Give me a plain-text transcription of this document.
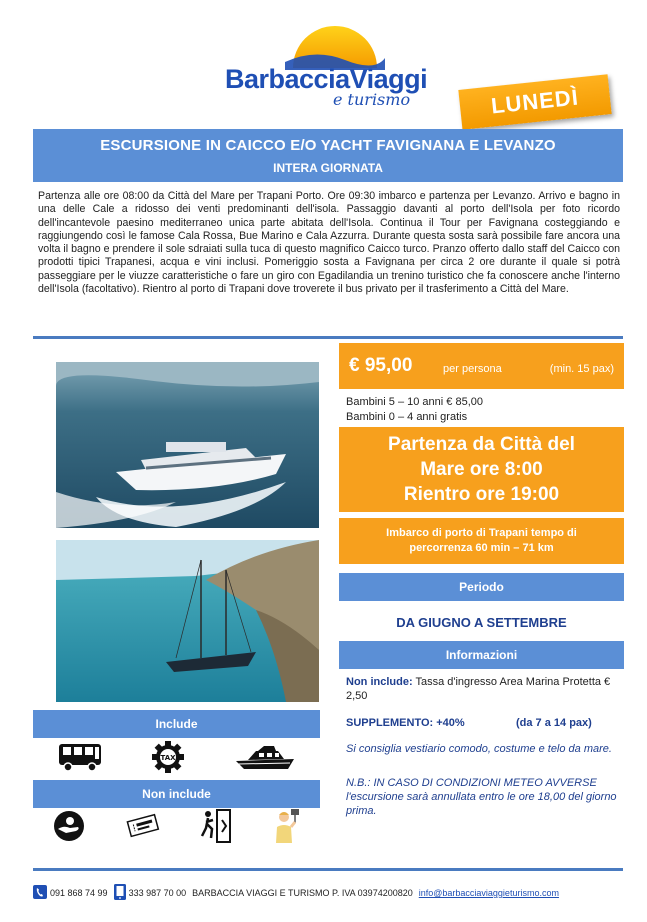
BarbacciaViaggi
e turismo	LUNEDÌ
ESCURSIONE IN CAICCO E/O YACHT FAVIGNANA E LEVANZO
INTERA GIORNATA
Partenza alle ore 08:00 da Città del Mare per Trapani Porto. Ore 09:30 imbarco e partenza per Levanzo. Arrivo e bagno in una delle Cale a ridosso dei venti predominanti dell'isola. Passaggio davanti al porto dell'Isola per foto ricordo dell'incantevole paesino mediterraneo unica parte abitata dell'Isola. Continua il Tour per Favignana costeggiando e raggiungendo così le famose Cala Rossa, Bue Marino e Cala Azzurra. Durante questa sosta sarà possibile fare ancora una volta il bagno e prendere il sole sdraiati sulla tuca di questo magnifico Caicco turco. Pranzo offerto dallo staff del Caicco con prodotti tipici Trapanesi, acqua e vini inclusi. Pomeriggio sosta a Favignana per circa 2 ore durante il quale si potrà passeggiare per le viuzze caratteristiche o fare un giro con Egadilandia un trenino turistico che fa conoscere anche l'interno dell'Isola (facoltativo). Rientro al porto di Trapani dove troverete il bus privato per il trasferimento a Città del Mare.
€ 95,00	per persona	(min. 15 pax)
Bambini 5 – 10 anni € 85,00
Bambini 0 – 4 anni gratis
Partenza da Città del
Mare ore 8:00
Rientro ore 19:00
Imbarco di porto di Trapani tempo di
percorrenza 60 min – 71 km
Periodo
DA GIUGNO A SETTEMBRE
Informazioni
Non include: Tassa d'ingresso Area Marina Protetta € 2,50
SUPPLEMENTO: +40%	(da 7 a 14 pax)
Si consiglia vestiario comodo, costume e telo da mare.
N.B.: IN CASO DI CONDIZIONI METEO AVVERSE l'escursione sarà annullata entro le ore 18,00 del giorno prima.
Include
TAX
Non include
091 868 74 99 333 987 70 00 BARBACCIA VIAGGI E TURISMO P. IVA 03974200820 info@barbacciaviaggieturismo.com
